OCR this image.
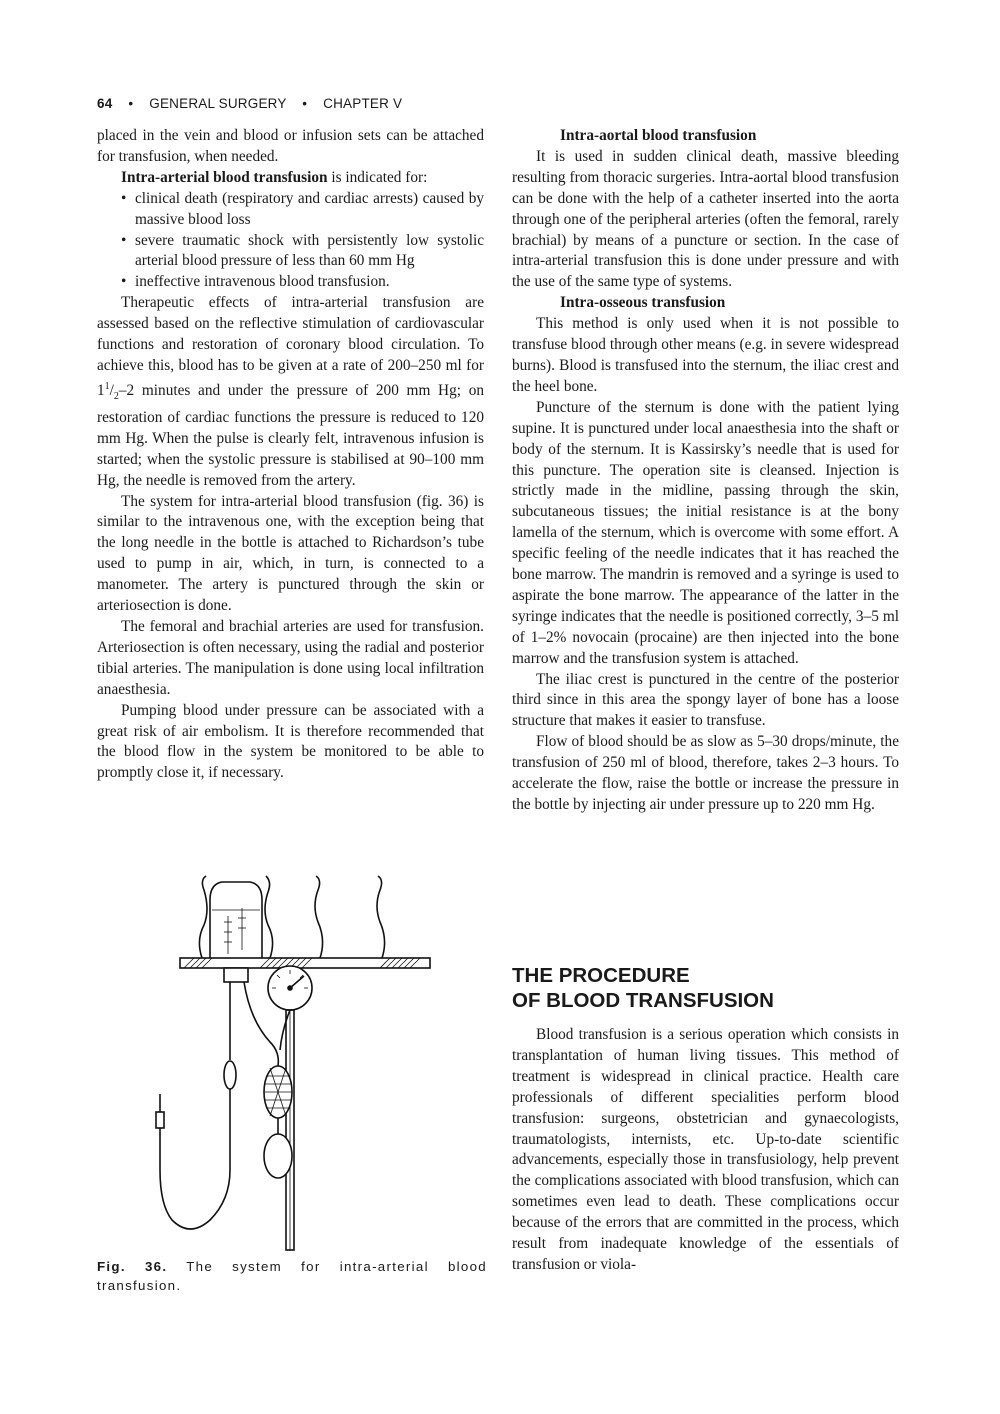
64 • GENERAL SURGERY • CHAPTER V

placed in the vein and blood or infusion sets can be attached for transfusion, when needed.

Intra-arterial blood transfusion is indicated for:

• clinical death (respiratory and cardiac arrests) caused by massive blood loss
• severe traumatic shock with persistently low systolic arterial blood pressure of less than 60 mm Hg
• ineffective intravenous blood transfusion.

Therapeutic effects of intra-arterial transfusion are assessed based on the reflective stimulation of cardiovascular functions and restoration of coronary blood circulation. To achieve this, blood has to be given at a rate of 200–250 ml for $1^1/_2-2$ minutes and under the pressure of 200 mm Hg; on restoration of cardiac functions the pressure is reduced to 120 mm Hg. When the pulse is clearly felt, intravenous infusion is started; when the systolic pressure is stabilised at 90–100 mm Hg, the needle is removed from the artery.

The system for intra-arterial blood transfusion (fig. 36) is similar to the intravenous one, with the exception being that the long needle in the bottle is attached to Richardson’s tube used to pump in air, which, in turn, is connected to a manometer. The artery is punctured through the skin or arteriosection is done.

The femoral and brachial arteries are used for transfusion. Arteriosection is often necessary, using the radial and posterior tibial arteries. The manipulation is done using local infiltration anaesthesia.

Pumping blood under pressure can be associated with a great risk of air embolism. It is therefore recommended that the blood flow in the system be monitored to be able to promptly close it, if necessary.

Fig. 36. The system for intra-arterial blood transfusion.

Intra-aortal blood transfusion

It is used in sudden clinical death, massive bleeding resulting from thoracic surgeries. Intra-aortal blood transfusion can be done with the help of a catheter inserted into the aorta through one of the peripheral arteries (often the femoral, rarely brachial) by means of a puncture or section. In the case of intra-arterial transfusion this is done under pressure and with the use of the same type of systems.

Intra-osseous transfusion

This method is only used when it is not possible to transfuse blood through other means (e.g. in severe widespread burns). Blood is transfused into the sternum, the iliac crest and the heel bone.

Puncture of the sternum is done with the patient lying supine. It is punctured under local anaesthesia into the shaft or body of the sternum. It is Kassirsky’s needle that is used for this puncture. The operation site is cleansed. Injection is strictly made in the midline, passing through the skin, subcutaneous tissues; the initial resistance is at the bony lamella of the sternum, which is overcome with some effort. A specific feeling of the needle indicates that it has reached the bone marrow. The mandrin is removed and a syringe is used to aspirate the bone marrow. The appearance of the latter in the syringe indicates that the needle is positioned correctly, 3–5 ml of 1–2% novocain (procaine) are then injected into the bone marrow and the transfusion system is attached.

The iliac crest is punctured in the centre of the posterior third since in this area the spongy layer of bone has a loose structure that makes it easier to transfuse.

Flow of blood should be as slow as 5–30 drops/minute, the transfusion of 250 ml of blood, therefore, takes 2–3 hours. To accelerate the flow, raise the bottle or increase the pressure in the bottle by injecting air under pressure up to 220 mm Hg.

THE PROCEDURE
OF BLOOD TRANSFUSION

Blood transfusion is a serious operation which consists in transplantation of human living tissues. This method of treatment is widespread in clinical practice. Health care professionals of different specialities perform blood transfusion: surgeons, obstetrician and gynaecologists, traumatologists, internists, etc. Up-to-date scientific advancements, especially those in transfusiology, help prevent the complications associated with blood transfusion, which can sometimes even lead to death. These complications occur because of the errors that are committed in the process, which result from inadequate knowledge of the essentials of transfusion or viola-
